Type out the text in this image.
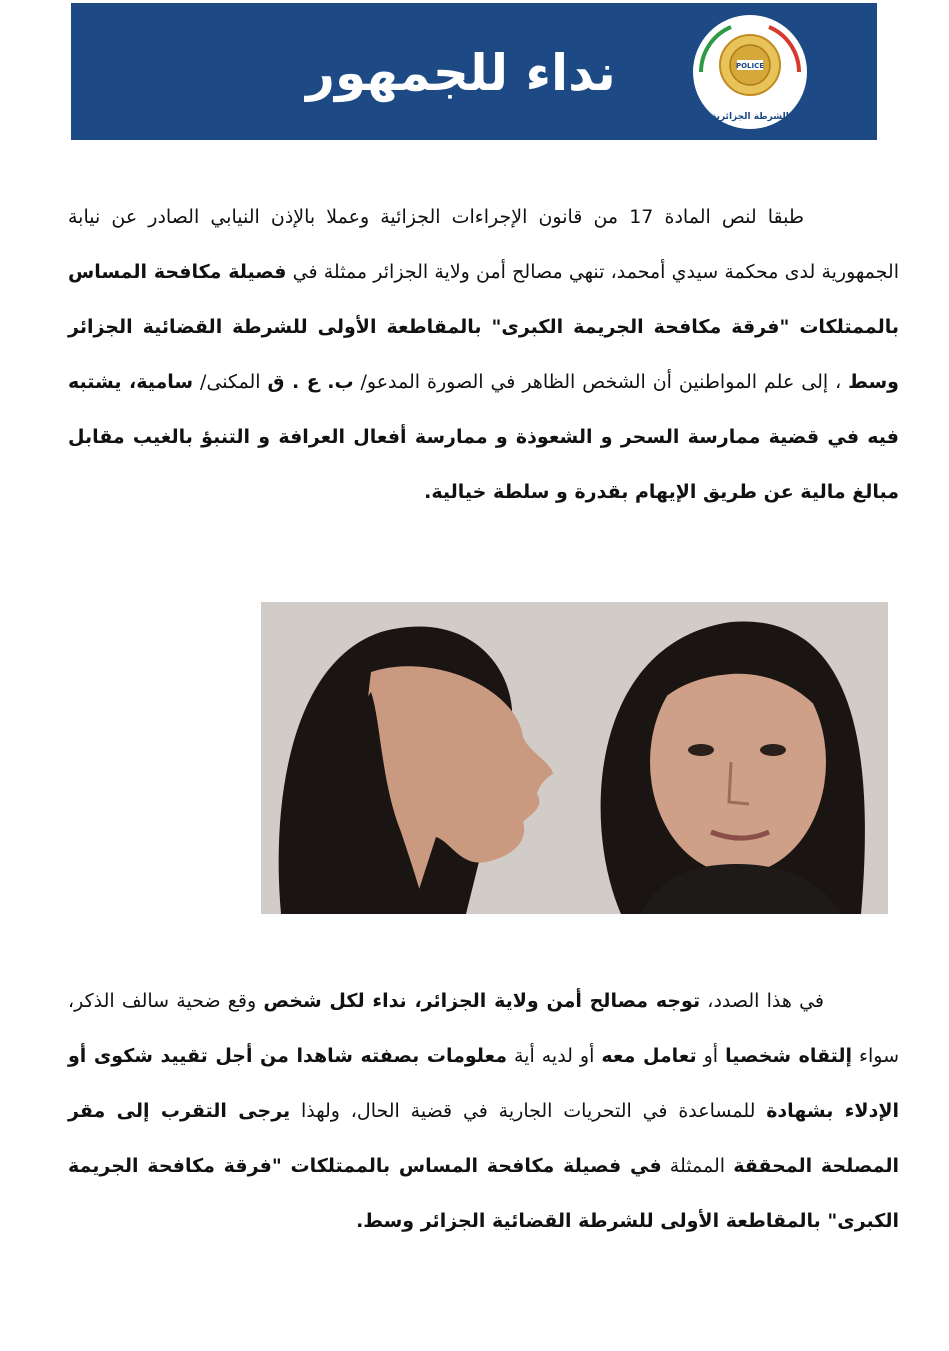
نداء للجمهور	POLICE
الشرطة الجزائرية

طبقا لنص المادة 17 من قانون الإجراءات الجزائية وعملا بالإذن النيابي الصادر عن نيابة الجمهورية لدى محكمة سيدي أمحمد، تنهي مصالح أمن ولاية الجزائر ممثلة في فصيلة مكافحة المساس بالممتلكات "فرقة مكافحة الجريمة الكبرى" بالمقاطعة الأولى للشرطة القضائية الجزائر وسط ، إلى علم المواطنين أن الشخص الظاهر في الصورة المدعو/ ب. ع . ق المكنى/ سامية، يشتبه فيه في قضية ممارسة السحر و الشعوذة و ممارسة أفعال العرافة و التنبؤ بالغيب مقابل مبالغ مالية عن طريق الإيهام بقدرة و سلطة خيالية.

في هذا الصدد، توجه مصالح أمن ولاية الجزائر، نداء لكل شخص وقع ضحية سالف الذكر، سواء إلتقاه شخصيا أو تعامل معه أو لديه أية معلومات بصفته شاهدا من أجل تقييد شكوى أو الإدلاء بشهادة للمساعدة في التحريات الجارية في قضية الحال، ولهذا يرجى التقرب إلى مقر المصلحة المحققة الممثلة في فصيلة مكافحة المساس بالممتلكات "فرقة مكافحة الجريمة الكبرى" بالمقاطعة الأولى للشرطة القضائية الجزائر وسط.
